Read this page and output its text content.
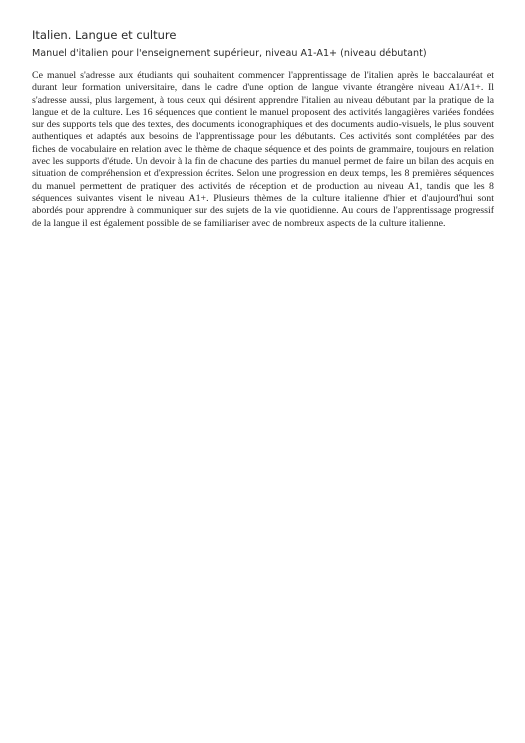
Italien. Langue et culture

Manuel d'italien pour l'enseignement supérieur, niveau A1-A1+ (niveau débutant)

Ce manuel s'adresse aux étudiants qui souhaitent commencer l'apprentissage de l'italien après le baccalauréat et durant leur formation universitaire, dans le cadre d'une option de langue vivante étrangère niveau A1/A1+. Il s'adresse aussi, plus largement, à tous ceux qui désirent apprendre l'italien au niveau débutant par la pratique de la langue et de la culture. Les 16 séquences que contient le manuel proposent des activités langagières variées fondées sur des supports tels que des textes, des documents iconographiques et des documents audio-visuels, le plus souvent authentiques et adaptés aux besoins de l'apprentissage pour les débutants. Ces activités sont complétées par des fiches de vocabulaire en relation avec le thème de chaque séquence et des points de grammaire, toujours en relation avec les supports d'étude. Un devoir à la fin de chacune des parties du manuel permet de faire un bilan des acquis en situation de compréhension et d'expression écrites. Selon une progression en deux temps, les 8 premières séquences du manuel permettent de pratiquer des activités de réception et de production au niveau A1, tandis que les 8 séquences suivantes visent le niveau A1+. Plusieurs thèmes de la culture italienne d'hier et d'aujourd'hui sont abordés pour apprendre à communiquer sur des sujets de la vie quotidienne. Au cours de l'apprentissage progressif de la langue il est également possible de se familiariser avec de nombreux aspects de la culture italienne.
